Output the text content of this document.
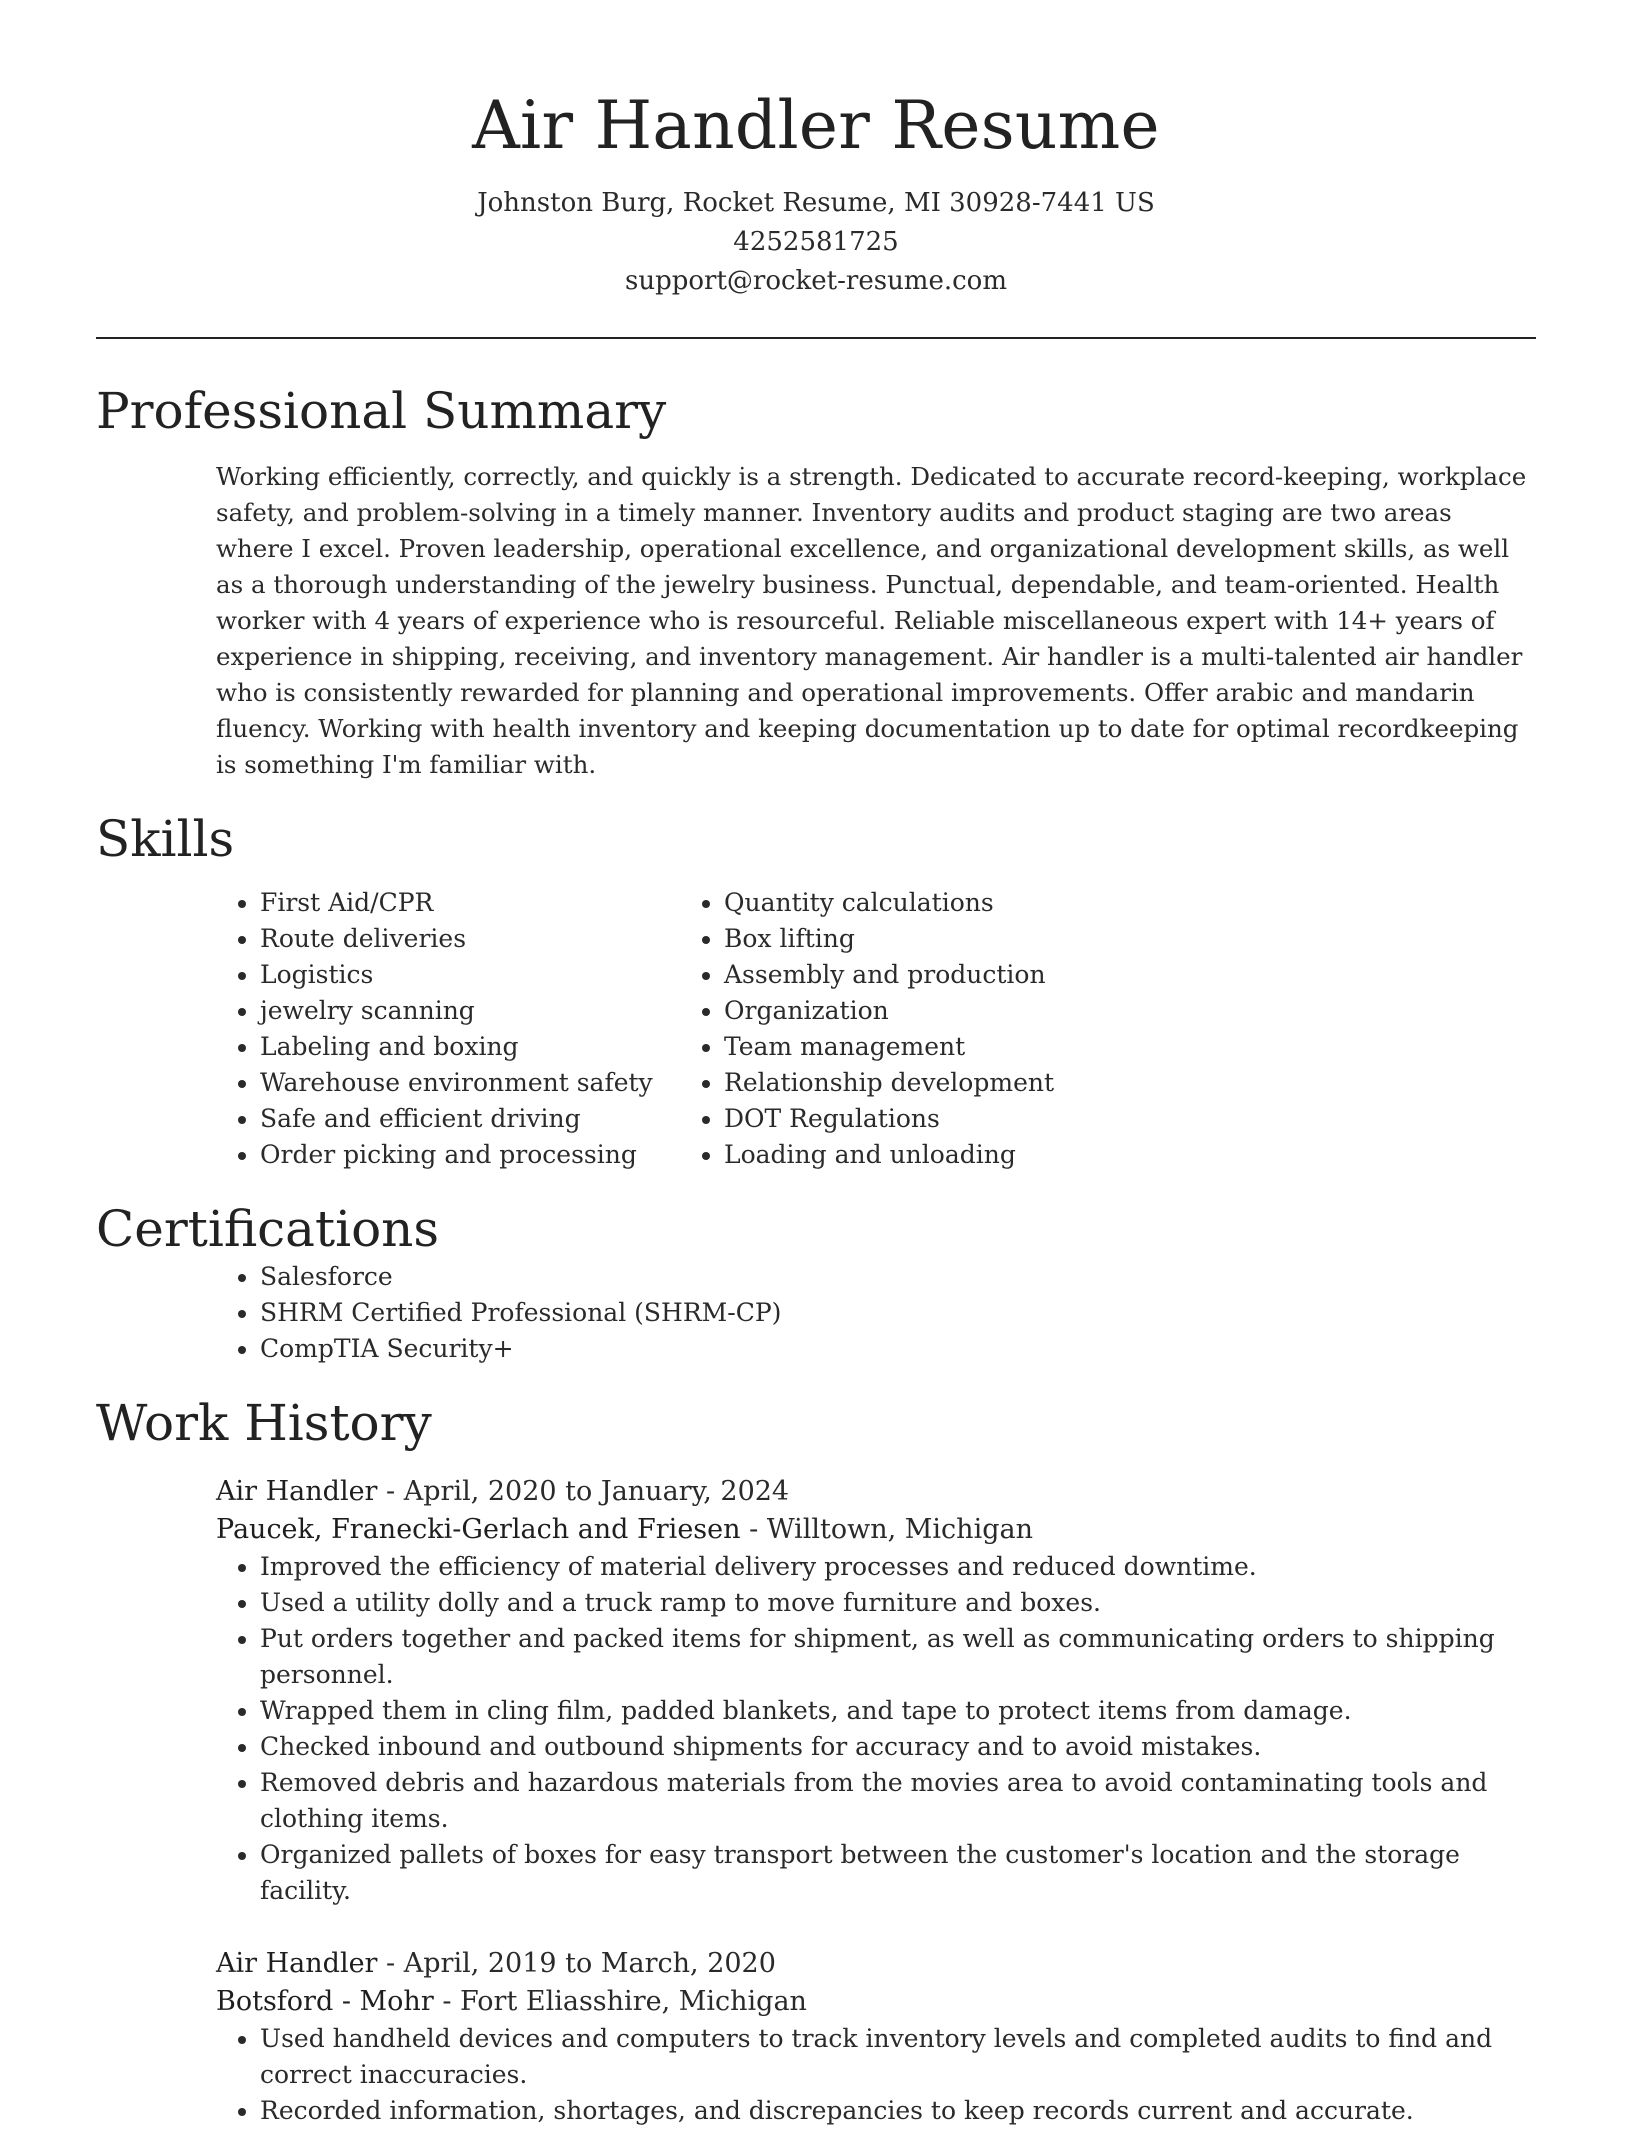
Air Handler Resume
Johnston Burg, Rocket Resume, MI 30928-7441 US
4252581725
support@rocket-resume.com
Professional Summary
Working efficiently, correctly, and quickly is a strength. Dedicated to accurate record-keeping, workplace safety, and problem-solving in a timely manner. Inventory audits and product staging are two areas where I excel. Proven leadership, operational excellence, and organizational development skills, as well as a thorough understanding of the jewelry business. Punctual, dependable, and team-oriented. Health worker with 4 years of experience who is resourceful. Reliable miscellaneous expert with 14+ years of experience in shipping, receiving, and inventory management. Air handler is a multi-talented air handler who is consistently rewarded for planning and operational improvements. Offer arabic and mandarin fluency. Working with health inventory and keeping documentation up to date for optimal recordkeeping is something I'm familiar with.
Skills
• First Aid/CPR
• Route deliveries
• Logistics
• jewelry scanning
• Labeling and boxing
• Warehouse environment safety
• Safe and efficient driving
• Order picking and processing
• Quantity calculations
• Box lifting
• Assembly and production
• Organization
• Team management
• Relationship development
• DOT Regulations
• Loading and unloading
Certifications
• Salesforce
• SHRM Certified Professional (SHRM-CP)
• CompTIA Security+
Work History
Air Handler - April, 2020 to January, 2024
Paucek, Franecki-Gerlach and Friesen - Willtown, Michigan
• Improved the efficiency of material delivery processes and reduced downtime.
• Used a utility dolly and a truck ramp to move furniture and boxes.
• Put orders together and packed items for shipment, as well as communicating orders to shipping personnel.
• Wrapped them in cling film, padded blankets, and tape to protect items from damage.
• Checked inbound and outbound shipments for accuracy and to avoid mistakes.
• Removed debris and hazardous materials from the movies area to avoid contaminating tools and clothing items.
• Organized pallets of boxes for easy transport between the customer's location and the storage facility.
Air Handler - April, 2019 to March, 2020
Botsford - Mohr - Fort Eliasshire, Michigan
• Used handheld devices and computers to track inventory levels and completed audits to find and correct inaccuracies.
• Recorded information, shortages, and discrepancies to keep records current and accurate.
